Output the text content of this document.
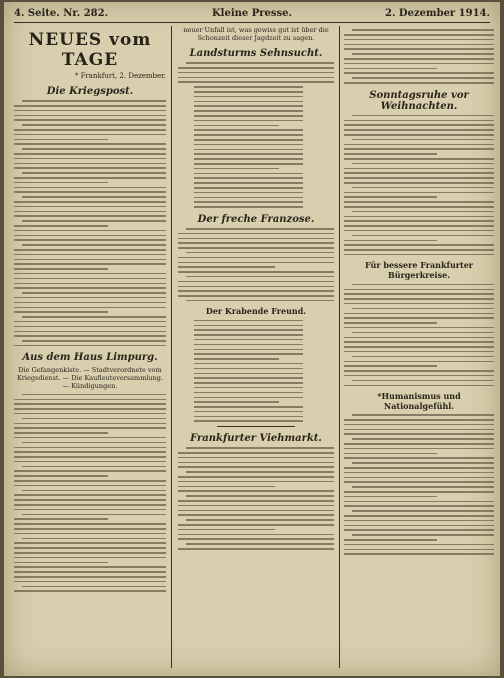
4. Seite. Nr. 282.	Kleine Presse.	2. Dezember 1914.
NEUES vom TAGE
* Frankfurt, 2. Dezember.
Die Kriegspost.
Aus dem Haus Limpurg.
Die Gefangenkiste. — Stadtverordnete vom Kriegsdienst. — Die Kaufleuteversammlung. — Kündigungen.
neuer Unfall ist, was gewiss gut ist über die Schonzeit dieser Jagdzeit zu sagen.
Landsturms Sehnsucht.
Der freche Franzose.
Der Krabende Freund.
Frankfurter Viehmarkt.
Sonntagsruhe vor Weihnachten.
Für bessere Frankfurter Bürgerkreise.
*Humanismus und Nationalgefühl.
